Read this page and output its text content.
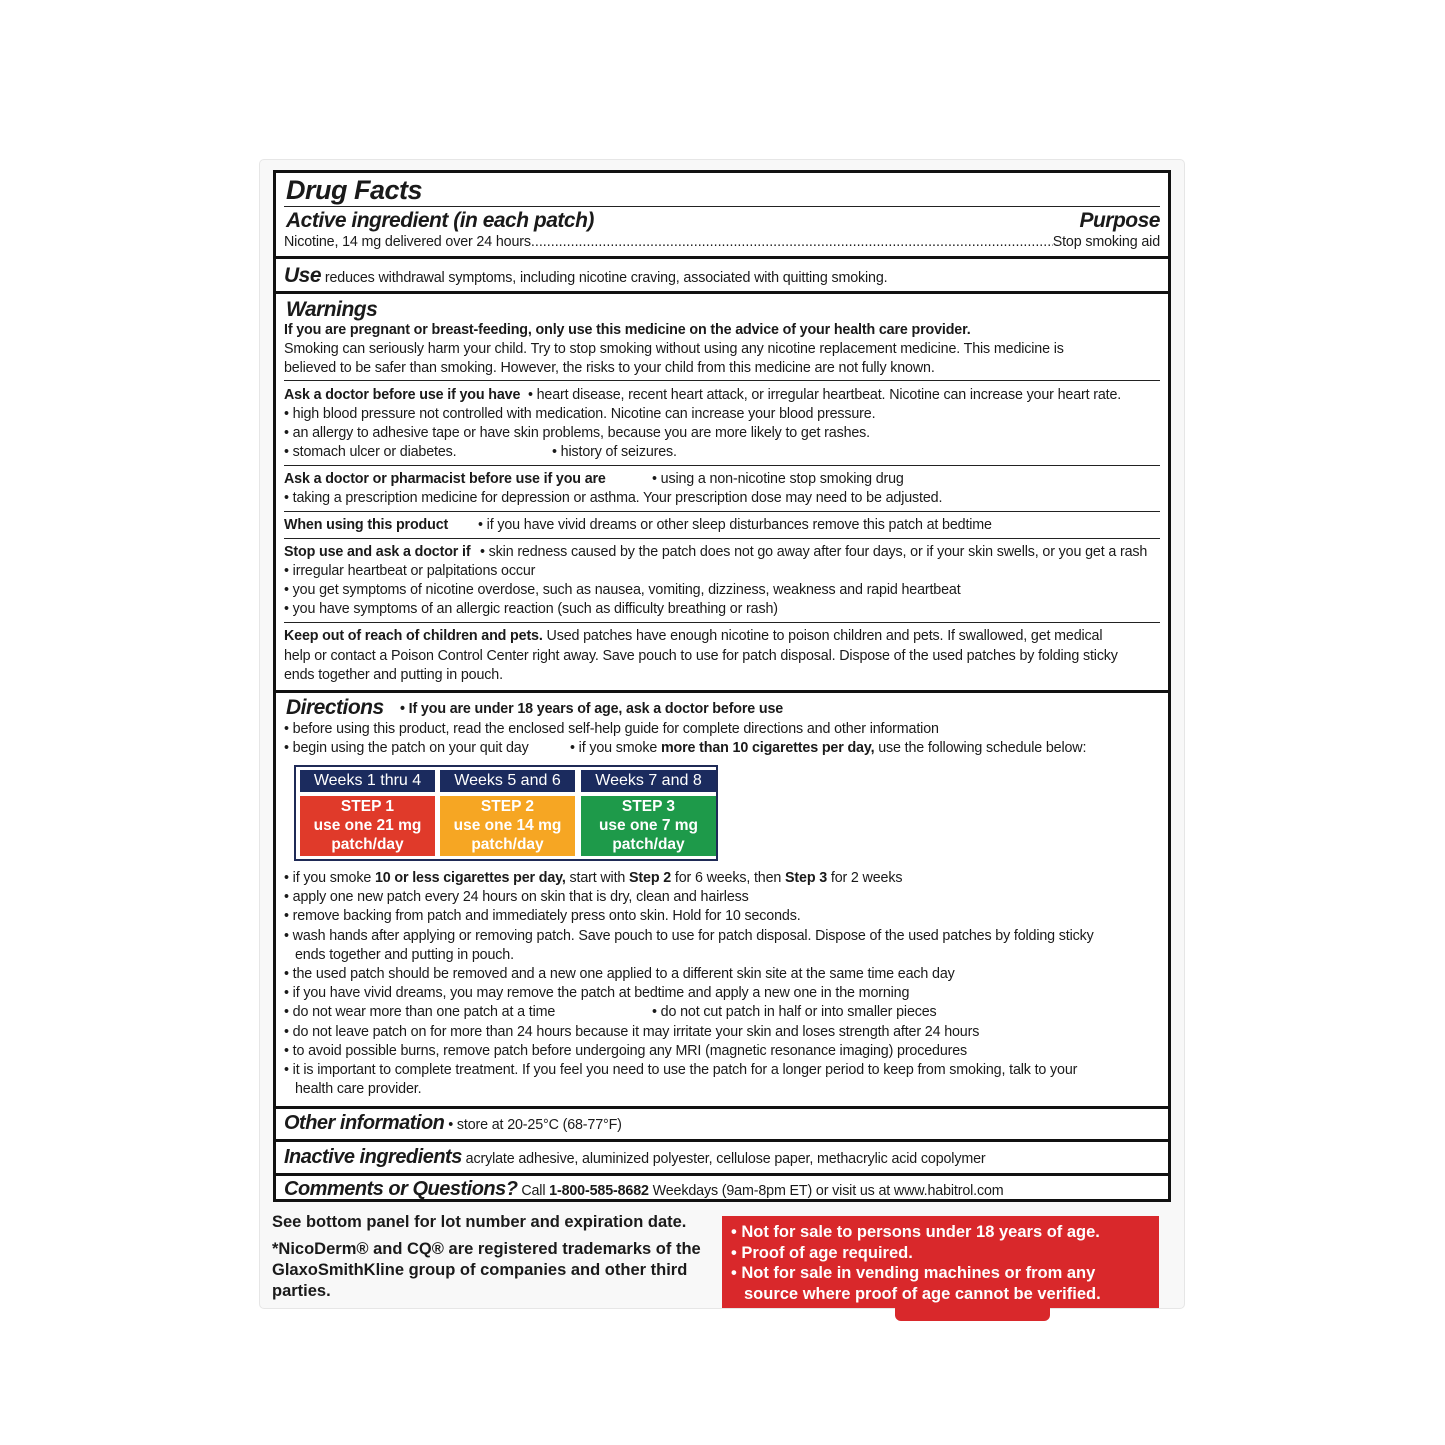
Drug Facts
Active ingredient (in each patch)	Purpose
Nicotine, 14 mg delivered over 24 hours
.....	Stop smoking aid
Use reduces withdrawal symptoms, including nicotine craving, associated with quitting smoking.
Warnings
If you are pregnant or breast-feeding, only use this medicine on the advice of your health care provider.
Smoking can seriously harm your child. Try to stop smoking without using any nicotine replacement medicine. This medicine is
believed to be safer than smoking. However, the risks to your child from this medicine are not fully known.
Ask a doctor before use if you have • heart disease, recent heart attack, or irregular heartbeat. Nicotine can increase your heart rate.
• high blood pressure not controlled with medication. Nicotine can increase your blood pressure.
• an allergy to adhesive tape or have skin problems, because you are more likely to get rashes.
• stomach ulcer or diabetes.	• history of seizures.
Ask a doctor or pharmacist before use if you are	• using a non-nicotine stop smoking drug
• taking a prescription medicine for depression or asthma. Your prescription dose may need to be adjusted.
When using this product • if you have vivid dreams or other sleep disturbances remove this patch at bedtime
Stop use and ask a doctor if • skin redness caused by the patch does not go away after four days, or if your skin swells, or you get a rash
• irregular heartbeat or palpitations occur
• you get symptoms of nicotine overdose, such as nausea, vomiting, dizziness, weakness and rapid heartbeat
• you have symptoms of an allergic reaction (such as difficulty breathing or rash)
Keep out of reach of children and pets. Used patches have enough nicotine to poison children and pets. If swallowed, get medical
help or contact a Poison Control Center right away. Save pouch to use for patch disposal. Dispose of the used patches by folding sticky
ends together and putting in pouch.
Directions • If you are under 18 years of age, ask a doctor before use
• before using this product, read the enclosed self-help guide for complete directions and other information
• begin using the patch on your quit day	• if you smoke more than 10 cigarettes per day, use the following schedule below:
Weeks 1 thru 4
STEP 1
use one 21 mg
patch/day
Weeks 5 and 6
STEP 2
use one 14 mg
patch/day
Weeks 7 and 8
STEP 3
use one 7 mg
patch/day
• if you smoke 10 or less cigarettes per day, start with Step 2 for 6 weeks, then Step 3 for 2 weeks
• apply one new patch every 24 hours on skin that is dry, clean and hairless
• remove backing from patch and immediately press onto skin. Hold for 10 seconds.
• wash hands after applying or removing patch. Save pouch to use for patch disposal. Dispose of the used patches by folding sticky
ends together and putting in pouch.
• the used patch should be removed and a new one applied to a different skin site at the same time each day
• if you have vivid dreams, you may remove the patch at bedtime and apply a new one in the morning
• do not wear more than one patch at a time	• do not cut patch in half or into smaller pieces
• do not leave patch on for more than 24 hours because it may irritate your skin and loses strength after 24 hours
• to avoid possible burns, remove patch before undergoing any MRI (magnetic resonance imaging) procedures
• it is important to complete treatment. If you feel you need to use the patch for a longer period to keep from smoking, talk to your
health care provider.
Other information • store at 20-25°C (68-77°F)
Inactive ingredients acrylate adhesive, aluminized polyester, cellulose paper, methacrylic acid copolymer
Comments or Questions? Call 1-800-585-8682 Weekdays (9am-8pm ET) or visit us at www.habitrol.com

See bottom panel for lot number and expiration date.

*NicoDerm® and CQ® are registered trademarks of the

GlaxoSmithKline group of companies and other third

parties.

• Not for sale to persons under 18 years of age.
• Proof of age required.
• Not for sale in vending machines or from any
source where proof of age cannot be verified.
